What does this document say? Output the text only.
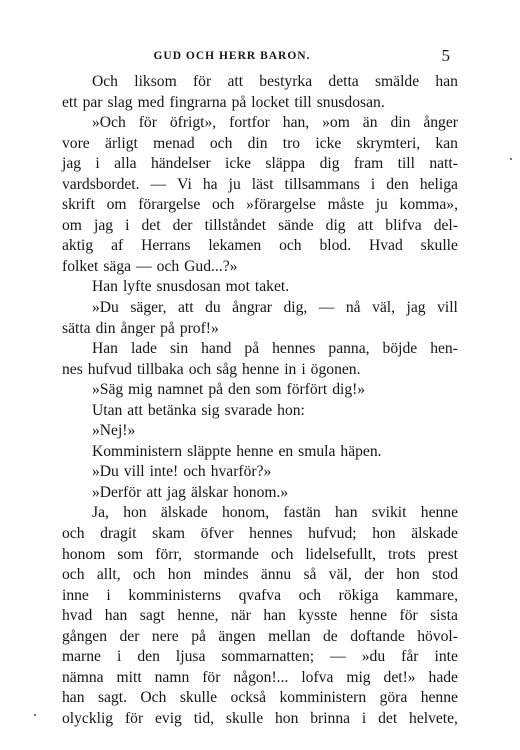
GUD OCH HERR BARON.	5
Och liksom för att bestyrka detta smälde han
ett par slag med fingrarna på locket till snusdosan.
»Och för öfrigt», fortfor han, »om än din ånger
vore ärligt menad och din tro icke skrymteri, kan
jag i alla händelser icke släppa dig fram till natt-
vardsbordet. — Vi ha ju läst tillsammans i den heliga
skrift om förargelse och »förargelse måste ju komma»,
om jag i det der tillståndet sände dig att blifva del-
aktig af Herrans lekamen och blod. Hvad skulle
folket säga — och Gud...?»
Han lyfte snusdosan mot taket.
»Du säger, att du ångrar dig, — nå väl, jag vill
sätta din ånger på prof!»
Han lade sin hand på hennes panna, böjde hen-
nes hufvud tillbaka och såg henne in i ögonen.
»Säg mig namnet på den som förfört dig!»
Utan att betänka sig svarade hon:
»Nej!»
Komministern släppte henne en smula häpen.
»Du vill inte! och hvarför?»
»Derför att jag älskar honom.»
Ja, hon älskade honom, fastän han svikit henne
och dragit skam öfver hennes hufvud; hon älskade
honom som förr, stormande och lidelsefullt, trots prest
och allt, och hon mindes ännu så väl, der hon stod
inne i komministerns qvafva och rökiga kammare,
hvad han sagt henne, när han kysste henne för sista
gången der nere på ängen mellan de doftande hövol-
marne i den ljusa sommarnatten; — »du får inte
nämna mitt namn för någon!... lofva mig det!» hade
han sagt. Och skulle också komministern göra henne
olycklig för evig tid, skulle hon brinna i det helvete,
